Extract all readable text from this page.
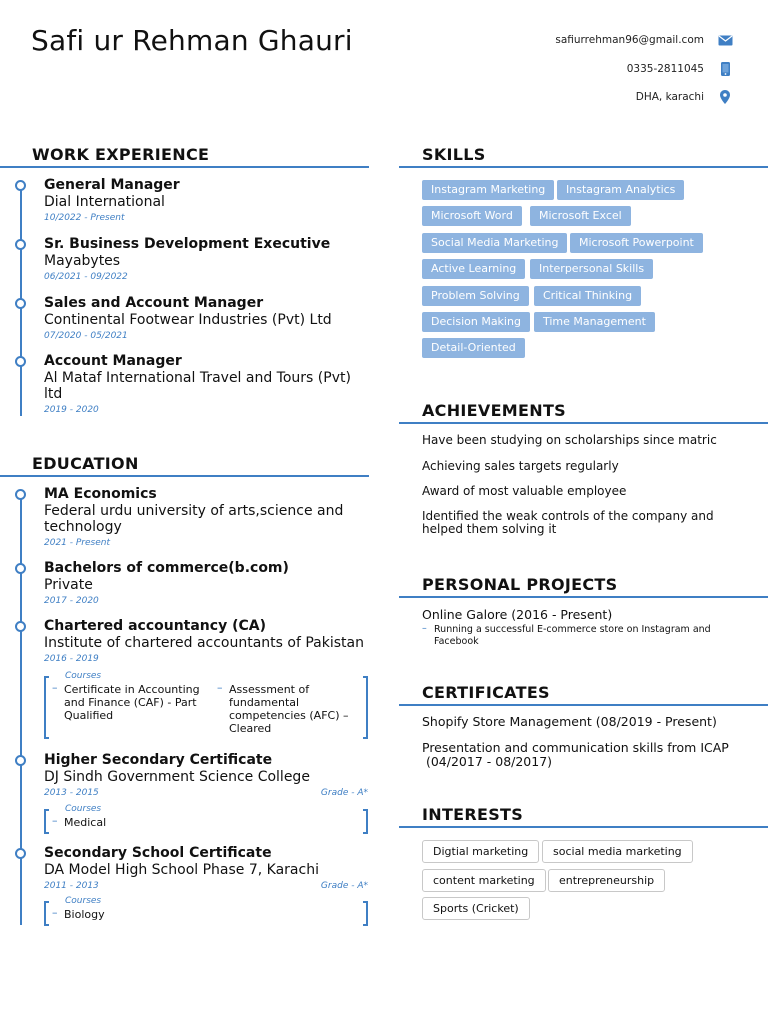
Safi ur Rehman Ghauri	safiurrehman96@gmail.com
0335-2811045
DHA, karachi
WORK EXPERIENCE
General Manager
Dial International
10/2022 - Present
Sr. Business Development Executive
Mayabytes
06/2021 - 09/2022
Sales and Account Manager
Continental Footwear Industries (Pvt) Ltd
07/2020 - 05/2021
Account Manager
Al Mataf International Travel and Tours (Pvt) ltd
2019 - 2020
EDUCATION
MA Economics
Federal urdu university of arts,science and technology
2021 - Present
Bachelors of commerce(b.com)
Private
2017 - 2020
Chartered accountancy (CA)
Institute of chartered accountants of Pakistan
2016 - 2019
Courses
– Certificate in Accounting and Finance (CAF) - Part Qualified
– Assessment of fundamental competencies (AFC) – Cleared
Higher Secondary Certificate
DJ Sindh Government Science College
2013 - 2015	Grade - A*
Courses
– Medical
Secondary School Certificate
DA Model High School Phase 7, Karachi
2011 - 2013	Grade - A*
Courses
– Biology
SKILLS
Instagram Marketing	Instagram Analytics
Microsoft Word	Microsoft Excel
Social Media Marketing	Microsoft Powerpoint
Active Learning	Interpersonal Skills
Problem Solving	Critical Thinking
Decision Making	Time Management
Detail-Oriented
ACHIEVEMENTS
Have been studying on scholarships since matric
Achieving sales targets regularly
Award of most valuable employee
Identified the weak controls of the company and helped them solving it
PERSONAL PROJECTS
Online Galore (2016 - Present)
– Running a successful E-commerce store on Instagram and Facebook
CERTIFICATES
Shopify Store Management (08/2019 - Present)
Presentation and communication skills from ICAP
(04/2017 - 08/2017)
INTERESTS
Digtial marketing	social media marketing
content marketing	entrepreneurship
Sports (Cricket)
